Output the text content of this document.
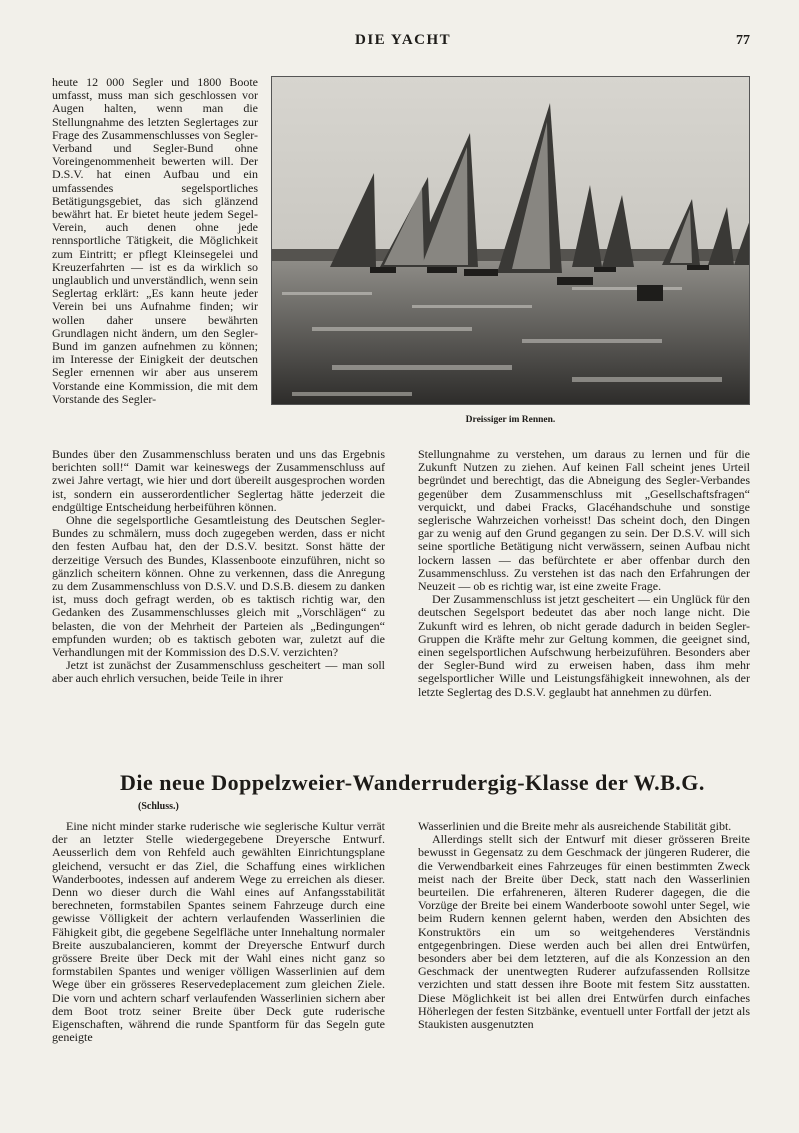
DIE YACHT	77

heute 12 000 Segler und 1800 Boote umfasst, muss man sich geschlossen vor Augen halten, wenn man die Stellungnahme des letzten Seglertages zur Frage des Zusammenschlusses von Segler-Verband und Segler-Bund ohne Voreingenommenheit bewerten will. Der D.S.V. hat einen Aufbau und ein umfassendes segelsportliches Betätigungsgebiet, das sich glänzend bewährt hat. Er bietet heute jedem Segel-Verein, auch denen ohne jede rennsportliche Tätigkeit, die Möglichkeit zum Eintritt; er pflegt Kleinsegelei und Kreuzerfahrten — ist es da wirklich so unglaublich und unverständlich, wenn sein Seglertag erklärt: „Es kann heute jeder Verein bei uns Aufnahme finden; wir wollen daher unsere bewährten Grundlagen nicht ändern, um den Segler-Bund im ganzen aufnehmen zu können; im Interesse der Einigkeit der deutschen Segler ernennen wir aber aus unserem Vorstande eine Kommission, die mit dem Vorstande des Segler-

Dreissiger im Rennen.

Bundes über den Zusammenschluss beraten und uns das Ergebnis berichten soll!“ Damit war keineswegs der Zusammenschluss auf zwei Jahre vertagt, wie hier und dort übereilt ausgesprochen worden ist, sondern ein ausserordentlicher Seglertag hätte jederzeit die endgültige Entscheidung herbeiführen können.

Ohne die segelsportliche Gesamtleistung des Deutschen Segler-Bundes zu schmälern, muss doch zugegeben werden, dass er nicht den festen Aufbau hat, den der D.S.V. besitzt. Sonst hätte der derzeitige Versuch des Bundes, Klassenboote einzuführen, nicht so gänzlich scheitern können. Ohne zu verkennen, dass die Anregung zu dem Zusammenschluss von D.S.V. und D.S.B. diesem zu danken ist, muss doch gefragt werden, ob es taktisch richtig war, den Gedanken des Zusammenschlusses gleich mit „Vorschlägen“ zu belasten, die von der Mehrheit der Parteien als „Bedingungen“ empfunden wurden; ob es taktisch geboten war, zuletzt auf die Verhandlungen mit der Kommission des D.S.V. verzichten?

Jetzt ist zunächst der Zusammenschluss gescheitert — man soll aber auch ehrlich versuchen, beide Teile in ihrer

Stellungnahme zu verstehen, um daraus zu lernen und für die Zukunft Nutzen zu ziehen. Auf keinen Fall scheint jenes Urteil begründet und berechtigt, das die Abneigung des Segler-Verbandes gegenüber dem Zusammenschluss mit „Gesellschaftsfragen“ verquickt, und dabei Fracks, Glacéhandschuhe und sonstige seglerische Wahrzeichen vorheisst! Das scheint doch, den Dingen gar zu wenig auf den Grund gegangen zu sein. Der D.S.V. will sich seine sportliche Betätigung nicht verwässern, seinen Aufbau nicht lockern lassen — das befürchtete er aber offenbar durch den Zusammenschluss. Zu verstehen ist das nach den Erfahrungen der Neuzeit — ob es richtig war, ist eine zweite Frage.

Der Zusammenschluss ist jetzt gescheitert — ein Unglück für den deutschen Segelsport bedeutet das aber noch lange nicht. Die Zukunft wird es lehren, ob nicht gerade dadurch in beiden Segler-Gruppen die Kräfte mehr zur Geltung kommen, die geeignet sind, einen segelsportlichen Aufschwung herbeizuführen. Besonders aber der Segler-Bund wird zu erweisen haben, dass ihm mehr segelsportlicher Wille und Leistungsfähigkeit innewohnen, als der letzte Seglertag des D.S.V. geglaubt hat annehmen zu dürfen.

Die neue Doppelzweier-Wanderrudergig-Klasse der W.B.G. (Schluss.)

Eine nicht minder starke ruderische wie seglerische Kultur verrät der an letzter Stelle wiedergegebene Dreyersche Entwurf. Aeusserlich dem von Rehfeld auch gewählten Einrichtungsplane gleichend, versucht er das Ziel, die Schaffung eines wirklichen Wanderbootes, indessen auf anderem Wege zu erreichen als dieser. Denn wo dieser durch die Wahl eines auf Anfangsstabilität berechneten, formstabilen Spantes seinem Fahrzeuge durch eine gewisse Völligkeit der achtern verlaufenden Wasserlinien die Fähigkeit gibt, die gegebene Segelfläche unter Innehaltung normaler Breite auszubalancieren, kommt der Dreyersche Entwurf durch grössere Breite über Deck mit der Wahl eines nicht ganz so formstabilen Spantes und weniger völligen Wasserlinien auf dem Wege über ein grösseres Reservedeplacement zum gleichen Ziele. Die vorn und achtern scharf verlaufenden Wasserlinien sichern aber dem Boot trotz seiner Breite über Deck gute ruderische Eigenschaften, während die runde Spantform für das Segeln gute geneigte

Wasserlinien und die Breite mehr als ausreichende Stabilität gibt.

Allerdings stellt sich der Entwurf mit dieser grösseren Breite bewusst in Gegensatz zu dem Geschmack der jüngeren Ruderer, die die Verwendbarkeit eines Fahrzeuges für einen bestimmten Zweck meist nach der Breite über Deck, statt nach den Wasserlinien beurteilen. Die erfahreneren, älteren Ruderer dagegen, die die Vorzüge der Breite bei einem Wanderboote sowohl unter Segel, wie beim Rudern kennen gelernt haben, werden den Absichten des Konstruktörs ein um so weitgehenderes Verständnis entgegenbringen. Diese werden auch bei allen drei Entwürfen, besonders aber bei dem letzteren, auf die als Konzession an den Geschmack der unentwegten Ruderer aufzufassenden Rollsitze verzichten und statt dessen ihre Boote mit festem Sitz ausstatten. Diese Möglichkeit ist bei allen drei Entwürfen durch einfaches Höherlegen der festen Sitzbänke, eventuell unter Fortfall der jetzt als Staukisten ausgenutzten
